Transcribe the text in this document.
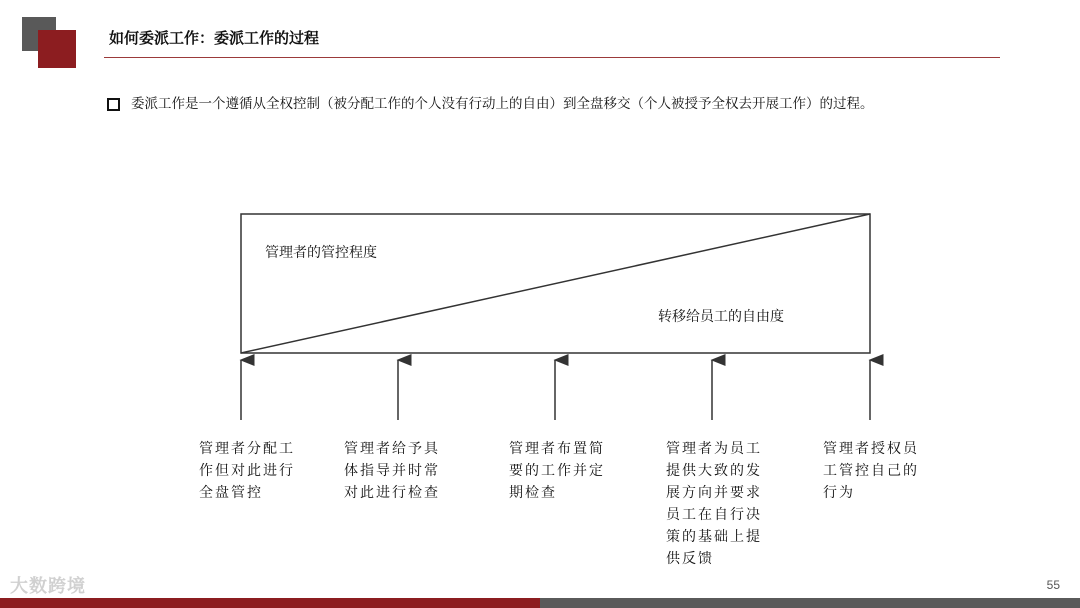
如何委派工作：委派工作的过程
委派工作是一个遵循从全权控制（被分配工作的个人没有行动上的自由）到全盘移交（个人被授予全权去开展工作）的过程。
管理者的管控程度
转移给员工的自由度
管理者分配工
作但对此进行
全盘管控
管理者给予具
体指导并时常
对此进行检查
管理者布置简
要的工作并定
期检查
管理者为员工
提供大致的发
展方向并要求
员工在自行决
策的基础上提
供反馈
管理者授权员
工管控自己的
行为
大数跨境	55
